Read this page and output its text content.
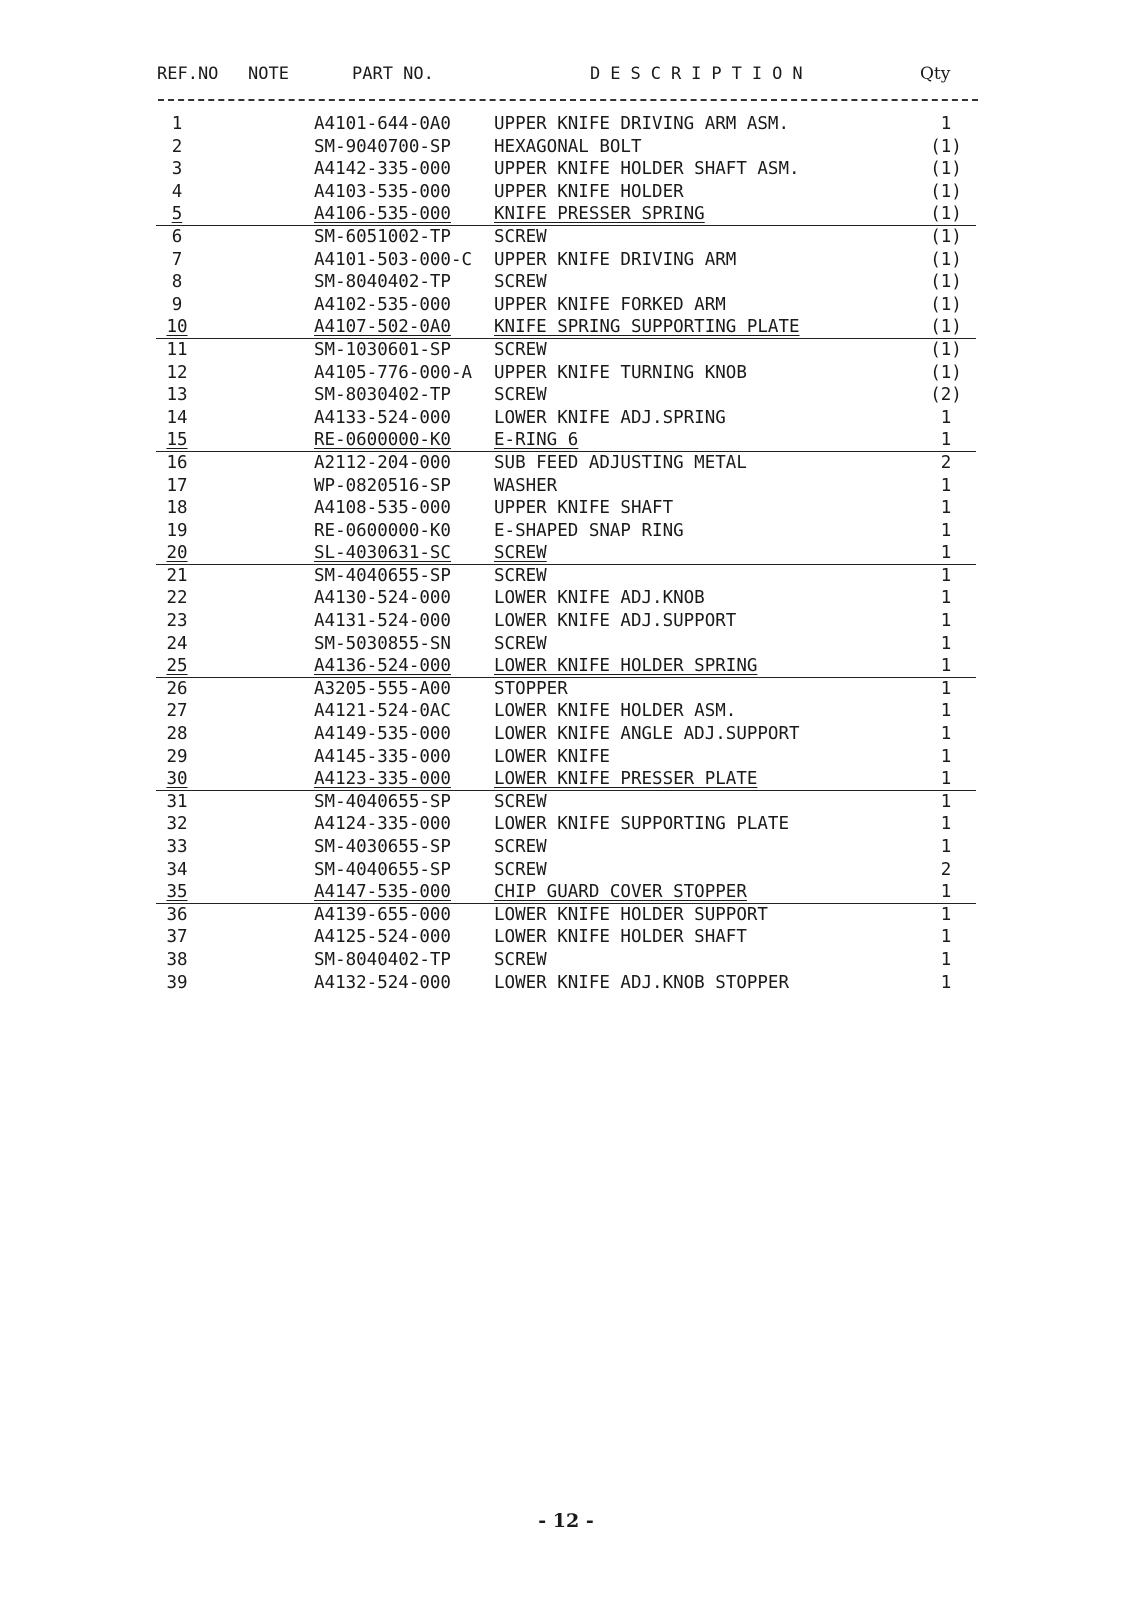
REF.NO NOTE	PART NO.	DESCRIPTION	Qty
1	A4101-644-0A0 UPPER KNIFE DRIVING ARM ASM.	1
2	SM-9040700-SP HEXAGONAL BOLT	(1)
3	A4142-335-000 UPPER KNIFE HOLDER SHAFT ASM.	(1)
4	A4103-535-000 UPPER KNIFE HOLDER	(1)
5	A4106-535-000 KNIFE PRESSER SPRING	(1)
6	SM-6051002-TP SCREW	(1)
7	A4101-503-000-C UPPER KNIFE DRIVING ARM	(1)
8	SM-8040402-TP SCREW	(1)
9	A4102-535-000 UPPER KNIFE FORKED ARM	(1)
10	A4107-502-0A0 KNIFE SPRING SUPPORTING PLATE	(1)
11	SM-1030601-SP SCREW	(1)
12	A4105-776-000-A UPPER KNIFE TURNING KNOB	(1)
13	SM-8030402-TP SCREW	(2)
14	A4133-524-000 LOWER KNIFE ADJ.SPRING	1
15	RE-0600000-K0 E-RING 6	1
16	A2112-204-000 SUB FEED ADJUSTING METAL	2
17	WP-0820516-SP WASHER	1
18	A4108-535-000 UPPER KNIFE SHAFT	1
19	RE-0600000-K0 E-SHAPED SNAP RING	1
20	SL-4030631-SC SCREW	1
21	SM-4040655-SP SCREW	1
22	A4130-524-000 LOWER KNIFE ADJ.KNOB	1
23	A4131-524-000 LOWER KNIFE ADJ.SUPPORT	1
24	SM-5030855-SN SCREW	1
25	A4136-524-000 LOWER KNIFE HOLDER SPRING	1
26	A3205-555-A00 STOPPER	1
27	A4121-524-0AC LOWER KNIFE HOLDER ASM.	1
28	A4149-535-000 LOWER KNIFE ANGLE ADJ.SUPPORT	1
29	A4145-335-000 LOWER KNIFE	1
30	A4123-335-000 LOWER KNIFE PRESSER PLATE	1
31	SM-4040655-SP SCREW	1
32	A4124-335-000 LOWER KNIFE SUPPORTING PLATE	1
33	SM-4030655-SP SCREW	1
34	SM-4040655-SP SCREW	2
35	A4147-535-000 CHIP GUARD COVER STOPPER	1
36	A4139-655-000 LOWER KNIFE HOLDER SUPPORT	1
37	A4125-524-000 LOWER KNIFE HOLDER SHAFT	1
38	SM-8040402-TP SCREW	1
39	A4132-524-000 LOWER KNIFE ADJ.KNOB STOPPER	1
- 12 -
